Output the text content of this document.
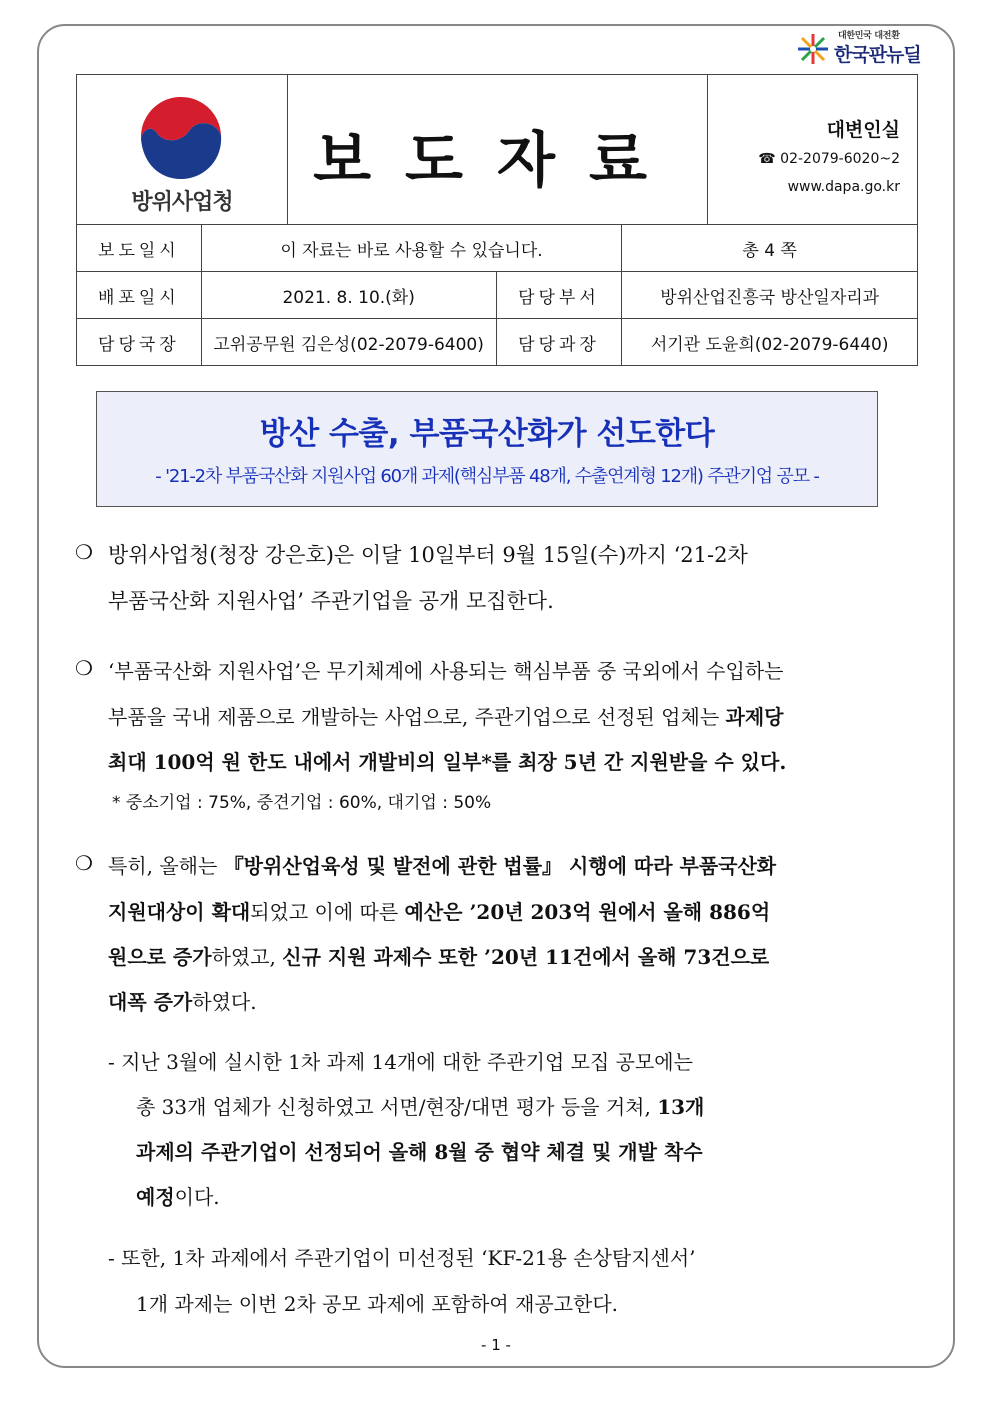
대한민국 대전환
한국판뉴딜
방위사업청
보도자료	대변인실
☎ 02-2079-6020~2
www.dapa.go.kr
보도일시	이 자료는 바로 사용할 수 있습니다.		총 4 쪽
배포일시	2021. 8. 10.(화)	담당부서	방위산업진흥국 방산일자리과
담당국장	고위공무원 김은성(02-2079-6400)	담당과장	서기관 도윤희(02-2079-6440)
방산 수출, 부품국산화가 선도한다
- '21-2차 부품국산화 지원사업 60개 과제(핵심부품 48개, 수출연계형 12개) 주관기업 공모 -
❍ 방위사업청(청장 강은호)은 이달 10일부터 9월 15일(수)까지 ‘21-2차
부품국산화 지원사업’ 주관기업을 공개 모집한다.
❍ ‘부품국산화 지원사업’은 무기체계에 사용되는 핵심부품 중 국외에서 수입하는
부품을 국내 제품으로 개발하는 사업으로, 주관기업으로 선정된 업체는 과제당
최대 100억 원 한도 내에서 개발비의 일부*를 최장 5년 간 지원받을 수 있다.
* 중소기업 : 75%, 중견기업 : 60%, 대기업 : 50%
❍ 특히, 올해는 『방위산업육성 및 발전에 관한 법률』 시행에 따라 부품국산화
지원대상이 확대되었고 이에 따른 예산은 ’20년 203억 원에서 올해 886억
원으로 증가하였고, 신규 지원 과제수 또한 ’20년 11건에서 올해 73건으로
대폭 증가하였다.
- 지난 3월에 실시한 1차 과제 14개에 대한 주관기업 모집 공모에는
총 33개 업체가 신청하였고 서면/현장/대면 평가 등을 거쳐, 13개
과제의 주관기업이 선정되어 올해 8월 중 협약 체결 및 개발 착수
예정이다.
- 또한, 1차 과제에서 주관기업이 미선정된 ‘KF-21용 손상탐지센서’
1개 과제는 이번 2차 공모 과제에 포함하여 재공고한다.
- 1 -
